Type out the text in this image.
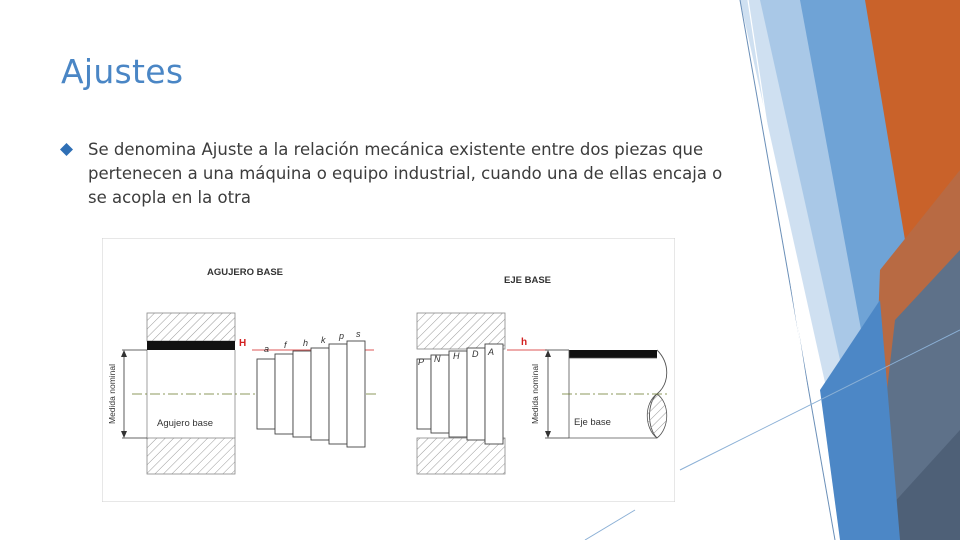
Ajustes
Se denomina Ajuste a la relación mecánica existente entre dos piezas que pertenecen a una máquina o equipo industrial, cuando una de ellas encaja o se acopla en la otra
AGUJERO BASE
Medida nominal	Agujero base
H a f h k p s
EJE BASE
P N H D A
h
Medida nominal	Eje base
